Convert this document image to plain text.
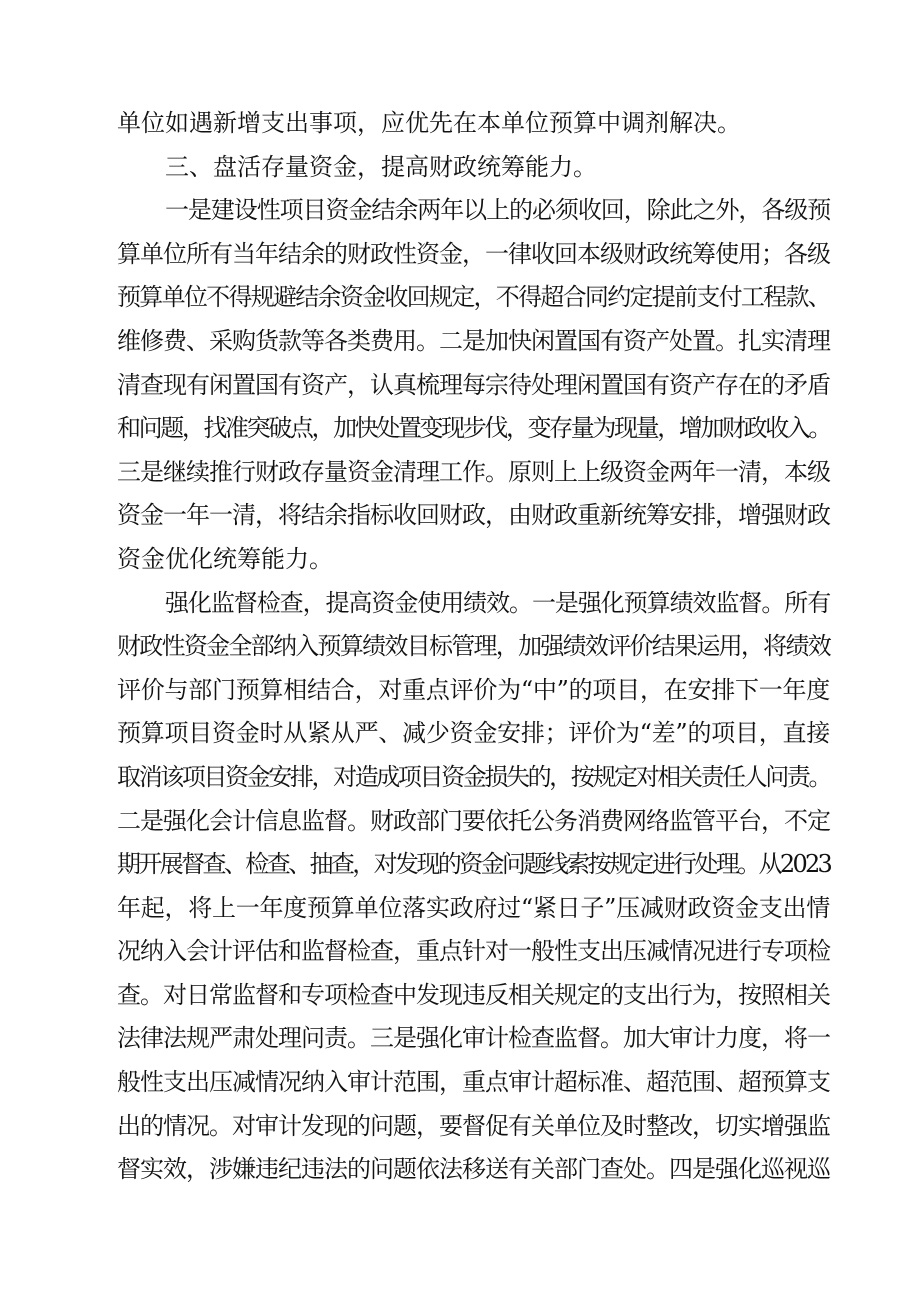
单位如遇新增支出事项，应优先在本单位预算中调剂解决。
三、盘活存量资金，提高财政统筹能力。
一是建设性项目资金结余两年以上的必须收回，除此之外，各级预
算单位所有当年结余的财政性资金，一律收回本级财政统筹使用；各级
预算单位不得规避结余资金收回规定，不得超合同约定提前支付工程款、
维修费、采购货款等各类费用。二是加快闲置国有资产处置。扎实清理
清查现有闲置国有资产，认真梳理每宗待处理闲置国有资产存在的矛盾
和问题，找准突破点，加快处置变现步伐，变存量为现量，增加财政收入。
三是继续推行财政存量资金清理工作。原则上上级资金两年一清，本级
资金一年一清，将结余指标收回财政，由财政重新统筹安排，增强财政
资金优化统筹能力。
强化监督检查，提高资金使用绩效。一是强化预算绩效监督。所有
财政性资金全部纳入预算绩效目标管理，加强绩效评价结果运用，将绩效
评价与部门预算相结合，对重点评价为“中”的项目，在安排下一年度
预算项目资金时从紧从严、减少资金安排；评价为“差”的项目，直接
取消该项目资金安排，对造成项目资金损失的，按规定对相关责任人问责。
二是强化会计信息监督。财政部门要依托公务消费网络监管平台，不定
期开展督查、检查、抽查，对发现的资金问题线索按规定进行处理。从2023
年起，将上一年度预算单位落实政府过“紧日子”压减财政资金支出情
况纳入会计评估和监督检查，重点针对一般性支出压减情况进行专项检
查。对日常监督和专项检查中发现违反相关规定的支出行为，按照相关
法律法规严肃处理问责。三是强化审计检查监督。加大审计力度，将一
般性支出压减情况纳入审计范围，重点审计超标准、超范围、超预算支
出的情况。对审计发现的问题，要督促有关单位及时整改，切实增强监
督实效，涉嫌违纪违法的问题依法移送有关部门查处。四是强化巡视巡
